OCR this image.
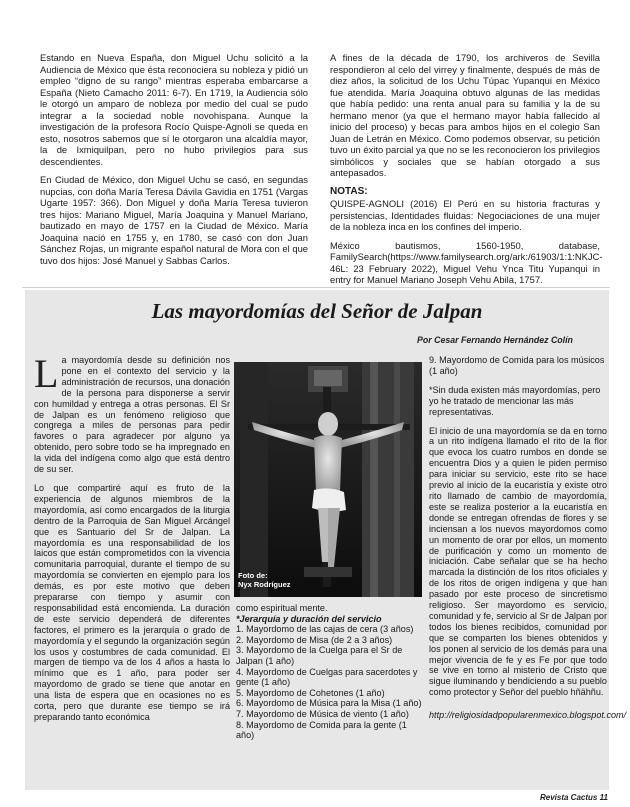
Estando en Nueva España, don Miguel Uchu solicitó a la Audiencia de México que ésta reconociera su nobleza y pidió un empleo “digno de su rango” mientras esperaba embarcarse a España (Nieto Camacho 2011: 6-7). En 1719, la Audiencia sólo le otorgó un amparo de nobleza por medio del cual se pudo integrar a la sociedad noble novohispana. Aunque la investigación de la profesora Rocío Quispe-Agnoli se queda en esto, nosotros sabemos que sí le otorgaron una alcaldía mayor, la de Ixmiquilpan, pero no hubo privilegios para sus descendientes.

En Ciudad de México, don Miguel Uchu se casó, en segundas nupcias, con doña María Teresa Dávila Gavidia en 1751 (Vargas Ugarte 1957: 366). Don Miguel y doña María Teresa tuvieron tres hijos: Mariano Miguel, María Joaquina y Manuel Mariano, bautizado en mayo de 1757 en la Ciudad de México. María Joaquina nació en 1755 y, en 1780, se casó con don Juan Sánchez Rojas, un migrante español natural de Mora con el que tuvo dos hijos: José Manuel y Sabbas Carlos.

A fines de la década de 1790, los archiveros de Sevilla respondieron al celo del virrey y finalmente, después de más de diez años, la solicitud de los Uchu Túpac Yupanqui en México fue atendida. María Joaquina obtuvo algunas de las medidas que había pedido: una renta anual para su familia y la de su hermano menor (ya que el hermano mayor había fallecido al inicio del proceso) y becas para ambos hijos en el colegio San Juan de Letrán en México. Como podemos observar, su petición tuvo un éxito parcial ya que no se les reconocieron los privilegios simbólicos y sociales que se habían otorgado a sus antepasados.

NOTAS:

QUISPE-AGNOLI (2016) El Perú en su historia fracturas y persistencias, Identidades fluidas: Negociaciones de una mujer de la nobleza inca en los confines del imperio.

México bautismos, 1560-1950, database, FamilySearch(https://www.familysearch.org/ark:/61903/1:1:NKJC-46L: 23 February 2022), Miguel Vehu Ynca Titu Yupanqui in entry for Manuel Mariano Joseph Vehu Abila, 1757.

Las mayordomías del Señor de Jalpan
Por Cesar Fernando Hernández Colín

La mayordomía desde su definición nos pone en el contexto del servicio y la administración de recursos, una donación de la persona para disponerse a servir con humildad y entrega a otras personas. El Sr de Jalpan es un fenómeno religioso que congrega a miles de personas para pedir favores o para agradecer por alguno ya obtenido, pero sobre todo se ha impregnado en la vida del indígena como algo que está dentro de su ser.

Lo que compartiré aquí es fruto de la experiencia de algunos miembros de la mayordomía, así como encargados de la liturgia dentro de la Parroquia de San Miguel Arcángel que es Santuario del Sr de Jalpan. La mayordomía es una responsabilidad de los laicos que están comprometidos con la vivencia comunitaria parroquial, durante el tiempo de su mayordomía se convierten en ejemplo para los demás, es por este motivo que deben prepararse con tiempo y asumir con responsabilidad está encomienda. La duración de este servicio dependerá de diferentes factores, el primero es la jerarquía o grado de mayordomía y el segundo la organización según los usos y costumbres de cada comunidad. El margen de tiempo va de los 4 años a hasta lo mínimo que es 1 año, para poder ser mayordomo de grado se tiene que anotar en una lista de espera que en ocasiones no es corta, pero que durante ese tiempo se irá preparando tanto económica

Foto de:
Nyx Rodríguez

como espiritual mente.

*Jerarquía y duración del servicio

1. Mayordomo de las cajas de cera (3 años)

2. Mayordomo de Misa (de 2 a 3 años)

3. Mayordomo de la Cuelga para el Sr de Jalpan (1 año)

4. Mayordomo de Cuelgas para sacerdotes y gente (1 año)

5. Mayordomo de Cohetones (1 año)

6. Mayordomo de Música para la Misa (1 año)

7. Mayordomo de Música de viento (1 año)

8. Mayordomo de Comida para la gente (1 año)

9. Mayordomo de Comida para los músicos (1 año)

*Sin duda existen más mayordomías, pero yo he tratado de mencionar las más representativas.

El inicio de una mayordomía se da en torno a un rito indígena llamado el rito de la flor que evoca los cuatro rumbos en donde se encuentra Dios y a quien le piden permiso para iniciar su servicio, este rito se hace previo al inicio de la eucaristía y existe otro rito llamado de cambio de mayordomía, este se realiza posterior a la eucaristía en donde se entregan ofrendas de flores y se inciensan a los nuevos mayordomos como un momento de orar por ellos, un momento de purificación y como un momento de iniciación. Cabe señalar que se ha hecho marcada la distinción de los ritos oficiales y de los ritos de origen indígena y que han pasado por este proceso de sincretismo religioso. Ser mayordomo es servicio, comunidad y fe, servicio al Sr de Jalpan por todos los bienes recibidos, comunidad por que se comparten los bienes obtenidos y los ponen al servicio de los demás para una mejor vivencia de fe y es Fe por que todo se vive en torno al misterio de Cristo que sigue iluminando y bendiciendo a su pueblo como protector y Señor del pueblo hñähñu.

http://religiosidadpopularenmexico.blogspot.com/

Revista Cactus 11
